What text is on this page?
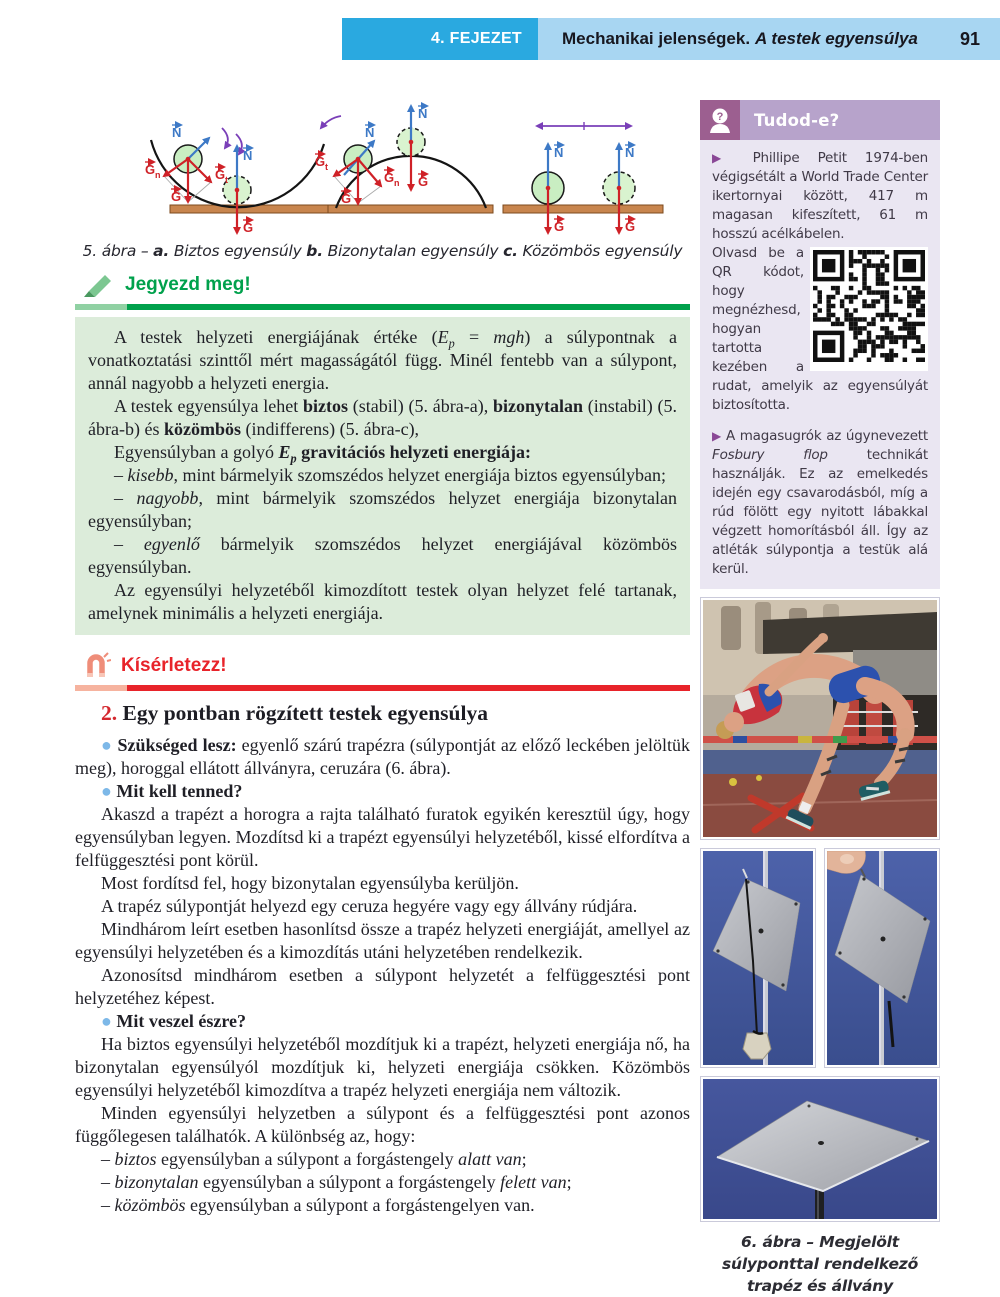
4. FEJEZET Mechanikai jelenségek. A testek egyensúlya 91
N
G n	G t
G
N
G
N
G t
G n
G
N
G
N	N
G	G

5. ábra – a. Biztos egyensúly b. Bizonytalan egyensúly c. Közömbös egyensúly

Jegyezd meg!

A testek helyzeti energiájának értéke $(E_p = mgh)$ a súlypontnak a vonatkoztatási szinttől mért magasságától függ. Minél fentebb van a súlypont, annál nagyobb a helyzeti energia.

A testek egyensúlya lehet biztos (stabil) (5. ábra-a), bizonytalan (instabil) (5. ábra-b) és közömbös (indifferens) (5. ábra-c),

Egyensúlyban a golyó $E_p$ gravitációs helyzeti energiája:

– kisebb, mint bármelyik szomszédos helyzet energiája biztos egyensúlyban;

– nagyobb, mint bármelyik szomszédos helyzet energiája bizonytalan egyensúlyban;

– egyenlő bármelyik szomszédos helyzet energiájával közömbös egyensúlyban.

Az egyensúlyi helyzetéből kimozdított testek olyan helyzet felé tartanak, amelynek minimális a helyzeti energiája.

Kísérletezz!
2. Egy pontban rögzített testek egyensúlya

● Szükséged lesz: egyenlő szárú trapézra (súlypontját az előző leckében jelöltük meg), horoggal ellátott állványra, ceruzára (6. ábra).

● Mit kell tenned?

Akaszd a trapézt a horogra a rajta található furatok egyikén keresztül úgy, hogy egyensúlyban legyen. Mozdítsd ki a trapézt egyensúlyi helyzetéből, kissé elfordítva a felfüggesztési pont körül.

Most fordítsd fel, hogy bizonytalan egyensúlyba kerüljön.

A trapéz súlypontját helyezd egy ceruza hegyére vagy egy állvány rúdjára.

Mindhárom leírt esetben hasonlítsd össze a trapéz helyzeti energiáját, amellyel az egyensúlyi helyzetében és a kimozdítás utáni helyzetében rendelkezik.

Azonosítsd mindhárom esetben a súlypont helyzetét a felfüggesztési pont helyzetéhez képest.

● Mit veszel észre?

Ha biztos egyensúlyi helyzetéből mozdítjuk ki a trapézt, helyzeti energiája nő, ha bizonytalan egyensúlyól mozdítjuk ki, helyzeti energiája csökken. Közömbös egyensúlyi helyzetéből kimozdítva a trapéz helyzeti energiája nem változik.

Minden egyensúlyi helyzetben a súlypont és a felfüggesztési pont azonos függőlegesen találhatók. A különbség az, hogy:

– biztos egyensúlyban a súlypont a forgástengely alatt van;

– bizonytalan egyensúlyban a súlypont a forgástengely felett van;

– közömbös egyensúlyban a súlypont a forgástengelyen van.

? Tudod-e?

▶ Phillipe Petit 1974-ben végigsétált a World Trade Center ikertornyai között, 417 m magasan kifeszített, 61 m hosszú acélkábelen.

Olvasd be a QR kódot, hogy megnézhesd, hogyan tartotta kezében a rudat, amelyik az egyensúlyát biztosította.

▶ A magasugrók az úgynevezett Fosbury flop technikát használják. Ez az emelkedés idején egy csavarodásból, míg a rúd fölött egy nyitott lábakkal végzett homorításból áll. Így az atléták súlypontja a testük alá kerül.

6. ábra – Megjelölt súlyponttal rendelkező trapéz és állvány
